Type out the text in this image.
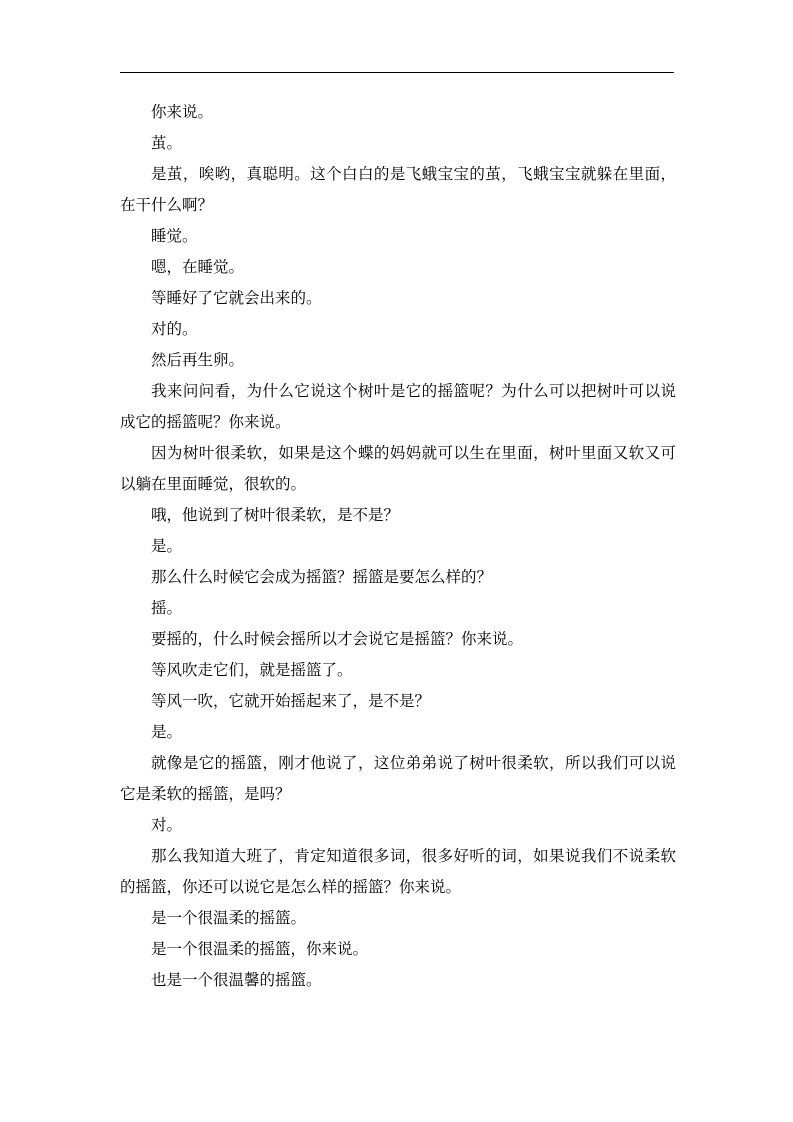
你来说。

茧。

是茧，唉哟，真聪明。这个白白的是飞蛾宝宝的茧，飞蛾宝宝就躲在里面，在干什么啊？

睡觉。

嗯，在睡觉。

等睡好了它就会出来的。

对的。

然后再生卵。

我来问问看，为什么它说这个树叶是它的摇篮呢？为什么可以把树叶可以说成它的摇篮呢？你来说。

因为树叶很柔软，如果是这个蝶的妈妈就可以生在里面，树叶里面又软又可以躺在里面睡觉，很软的。

哦，他说到了树叶很柔软，是不是？

是。

那么什么时候它会成为摇篮？摇篮是要怎么样的？

摇。

要摇的，什么时候会摇所以才会说它是摇篮？你来说。

等风吹走它们，就是摇篮了。

等风一吹，它就开始摇起来了，是不是？

是。

就像是它的摇篮，刚才他说了，这位弟弟说了树叶很柔软，所以我们可以说它是柔软的摇篮，是吗？

对。

那么我知道大班了，肯定知道很多词，很多好听的词，如果说我们不说柔软的摇篮，你还可以说它是怎么样的摇篮？你来说。

是一个很温柔的摇篮。

是一个很温柔的摇篮，你来说。

也是一个很温馨的摇篮。
